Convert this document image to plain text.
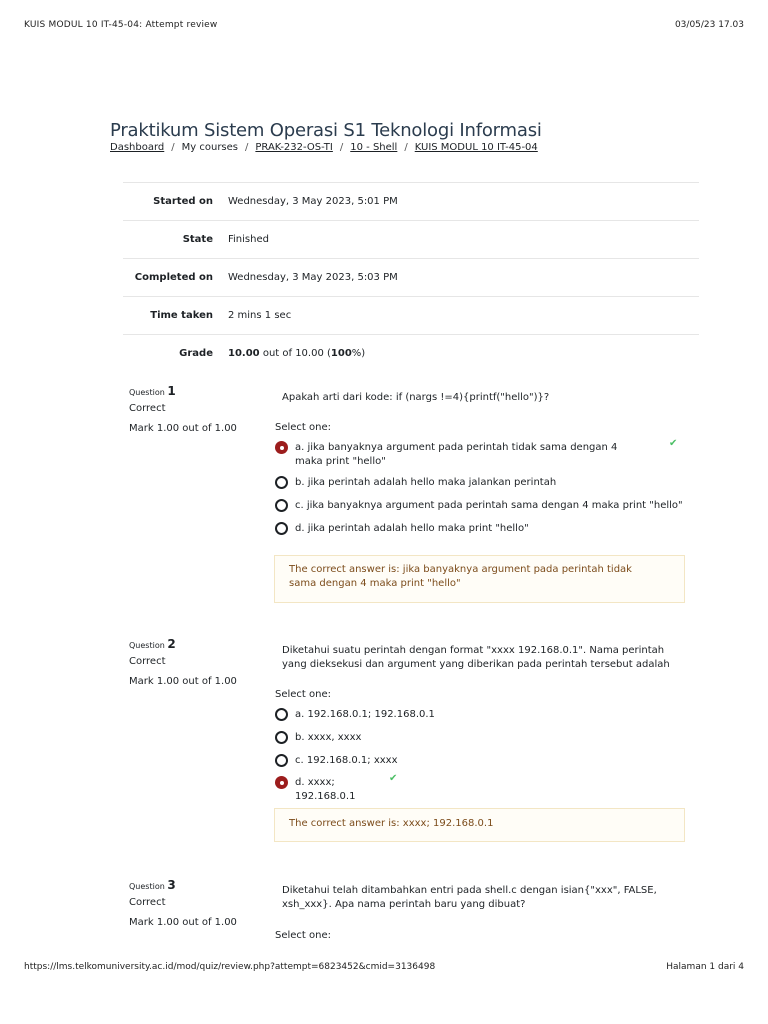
KUIS MODUL 10 IT-45-04: Attempt review	03/05/23 17.03
Praktikum Sistem Operasi S1 Teknologi Informasi
Dashboard / My courses / PRAK-232-OS-TI / 10 - Shell / KUIS MODUL 10 IT-45-04
Started on Wednesday, 3 May 2023, 5:01 PM
State Finished
Completed on Wednesday, 3 May 2023, 5:03 PM
Time taken 2 mins 1 sec
Grade 10.00 out of 10.00 (100%)
Question 1
Correct
Mark 1.00 out of 1.00
Apakah arti dari kode: if (nargs !=4){printf("hello")}?
Select one:
a. jika banyaknya argument pada perintah tidak sama dengan 4 maka print "hello"
✔
b. jika perintah adalah hello maka jalankan perintah
c. jika banyaknya argument pada perintah sama dengan 4 maka print "hello"
d. jika perintah adalah hello maka print "hello"
The correct answer is: jika banyaknya argument pada perintah tidak sama dengan 4 maka print "hello"
Question 2
Correct
Mark 1.00 out of 1.00
Diketahui suatu perintah dengan format "xxxx 192.168.0.1". Nama perintah yang dieksekusi dan argument yang diberikan pada perintah tersebut adalah
Select one:
a. 192.168.0.1; 192.168.0.1
b. xxxx, xxxx
c. 192.168.0.1; xxxx
d. xxxx; 192.168.0.1
✔
The correct answer is: xxxx; 192.168.0.1
Question 3
Correct
Mark 1.00 out of 1.00
Diketahui telah ditambahkan entri pada shell.c dengan isian{"xxx", FALSE, xsh_xxx}. Apa nama perintah baru yang dibuat?
Select one:
https://lms.telkomuniversity.ac.id/mod/quiz/review.php?attempt=6823452&cmid=3136498	Halaman 1 dari 4
